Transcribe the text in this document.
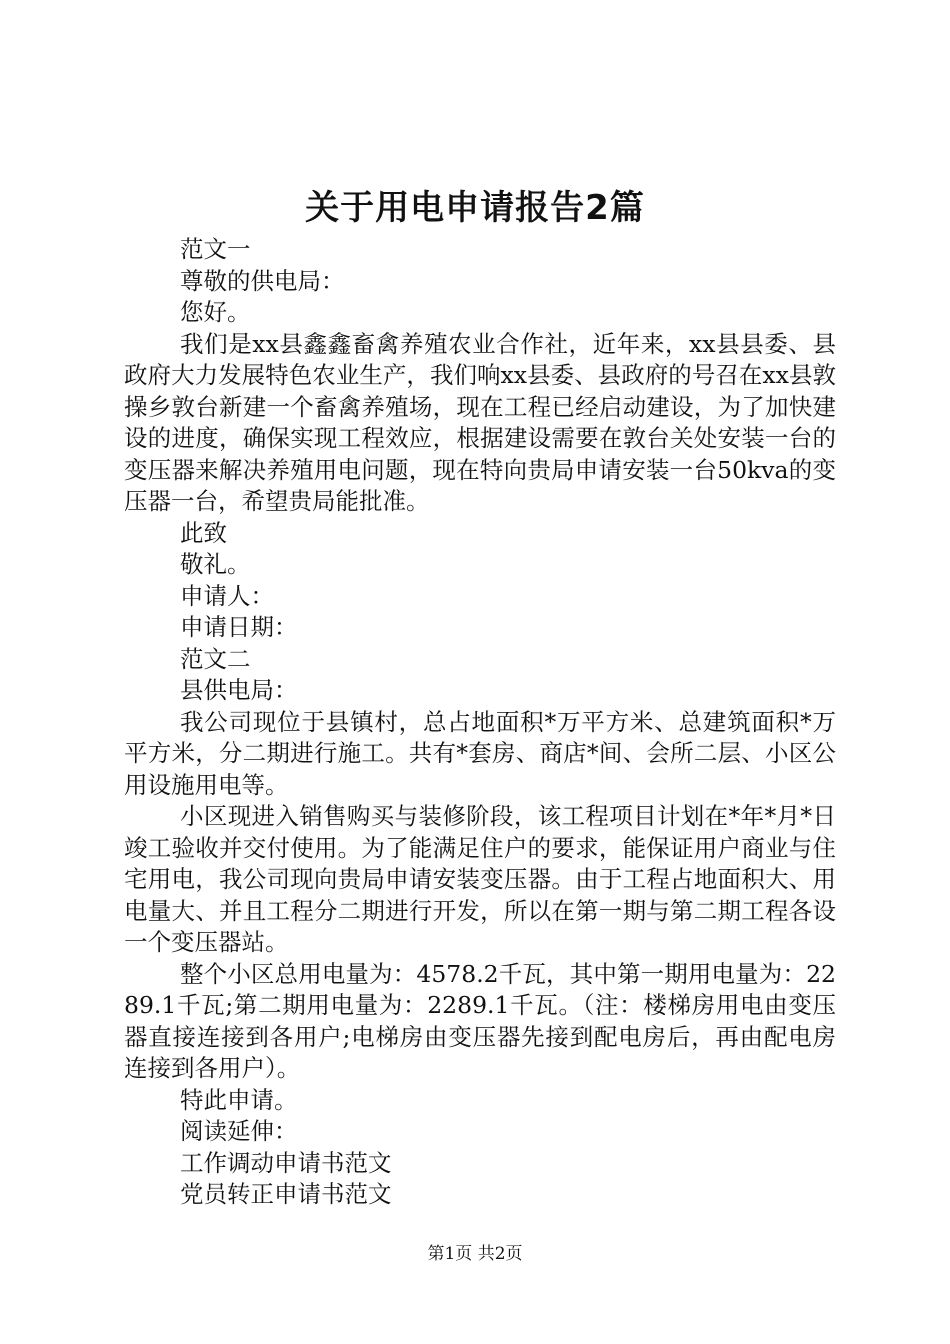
关于用电申请报告2篇

范文一

尊敬的供电局：

您好。

我们是xx县鑫鑫畜禽养殖农业合作社，近年来，xx县县委、县政府大力发展特色农业生产，我们响xx县委、县政府的号召在xx县敦操乡敦台新建一个畜禽养殖场，现在工程已经启动建设，为了加快建设的进度，确保实现工程效应，根据建设需要在敦台关处安装一台的变压器来解决养殖用电问题，现在特向贵局申请安装一台50kva的变压器一台，希望贵局能批准。

此致

敬礼。

申请人：

申请日期：

范文二

县供电局：

我公司现位于县镇村，总占地面积*万平方米、总建筑面积*万平方米，分二期进行施工。共有*套房、商店*间、会所二层、小区公用设施用电等。

小区现进入销售购买与装修阶段，该工程项目计划在*年*月*日竣工验收并交付使用。为了能满足住户的要求，能保证用户商业与住宅用电，我公司现向贵局申请安装变压器。由于工程占地面积大、用电量大、并且工程分二期进行开发，所以在第一期与第二期工程各设一个变压器站。

整个小区总用电量为：4578.2千瓦，其中第一期用电量为：2289.1千瓦;第二期用电量为：2289.1千瓦。（注：楼梯房用电由变压器直接连接到各用户;电梯房由变压器先接到配电房后，再由配电房连接到各用户）。

特此申请。

阅读延伸：

工作调动申请书范文

党员转正申请书范文

第1页 共2页
